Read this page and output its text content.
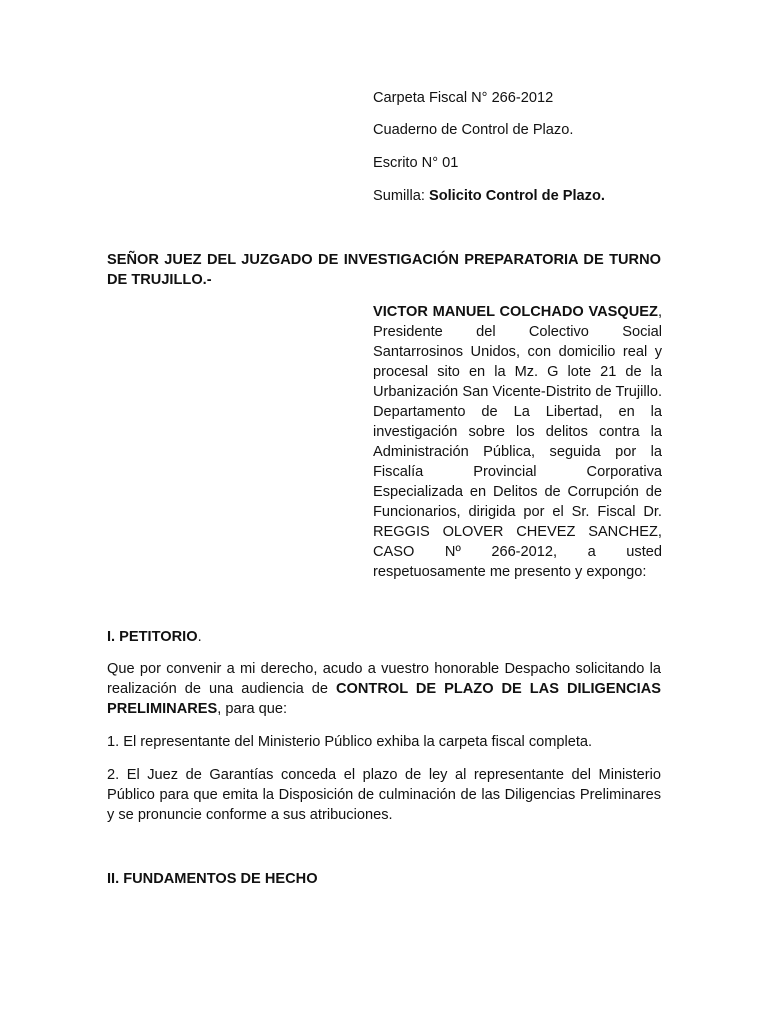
Carpeta Fiscal N° 266-2012

Cuaderno de Control de Plazo.

Escrito N° 01

Sumilla: Solicito Control de Plazo.

SEÑOR JUEZ DEL JUZGADO DE INVESTIGACIÓN PREPARATORIA DE TURNO DE TRUJILLO.-

VICTOR MANUEL COLCHADO VASQUEZ, Presidente del Colectivo Social Santarrosinos Unidos, con domicilio real y procesal sito en la Mz. G lote 21 de la Urbanización San Vicente-Distrito de Trujillo. Departamento de La Libertad, en la investigación sobre los delitos contra la Administración Pública, seguida por la Fiscalía Provincial Corporativa Especializada en Delitos de Corrupción de Funcionarios, dirigida por el Sr. Fiscal Dr. REGGIS OLOVER CHEVEZ SANCHEZ, CASO Nº 266-2012, a usted respetuosamente me presento y expongo:

I. PETITORIO.

Que por convenir a mi derecho, acudo a vuestro honorable Despacho solicitando la realización de una audiencia de CONTROL DE PLAZO DE LAS DILIGENCIAS PRELIMINARES, para que:

1. El representante del Ministerio Público exhiba la carpeta fiscal completa.

2. El Juez de Garantías conceda el plazo de ley al representante del Ministerio Público para que emita la Disposición de culminación de las Diligencias Preliminares y se pronuncie conforme a sus atribuciones.

II. FUNDAMENTOS DE HECHO
